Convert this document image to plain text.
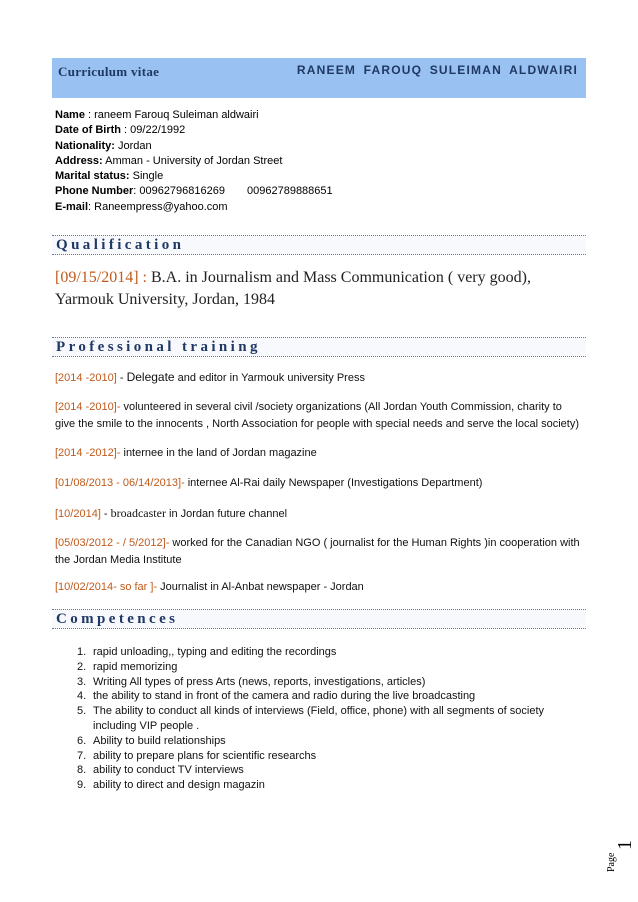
Curriculum vitae	RANEEM FAROUQ SULEIMAN ALDWAIRI
Name : raneem Farouq Suleiman aldwairi
Date of Birth : 09/22/1992
Nationality: Jordan
Address: Amman - University of Jordan Street
Marital status: Single
Phone Number: 00962796816269 00962789888651
E-mail: Raneempress@yahoo.com
Qualification
[09/15/2014] : B.A. in Journalism and Mass Communication ( very good), Yarmouk University, Jordan, 1984
Professional training
[2014 -2010] - Delegate and editor in Yarmouk university Press
[2014 -2010]- volunteered in several civil /society organizations (All Jordan Youth Commission, charity to give the smile to the innocents , North Association for people with special needs and serve the local society)
[2014 -2012]- internee in the land of Jordan magazine
[01/08/2013 - 06/14/2013]- internee Al-Rai daily Newspaper (Investigations Department)
[10/2014] - broadcaster in Jordan future channel
[05/03/2012 - / 5/2012]- worked for the Canadian NGO ( journalist for the Human Rights )in cooperation with the Jordan Media Institute
[10/02/2014- so far ]- Journalist in Al-Anbat newspaper - Jordan
Competences
1. rapid unloading,, typing and editing the recordings
2. rapid memorizing
3. Writing All types of press Arts (news, reports, investigations, articles)
4. the ability to stand in front of the camera and radio during the live broadcasting
5. The ability to conduct all kinds of interviews (Field, office, phone) with all segments of society including VIP people .
6. Ability to build relationships
7. ability to prepare plans for scientific researchs
8. ability to conduct TV interviews
9. ability to direct and design magazin
Page
1
